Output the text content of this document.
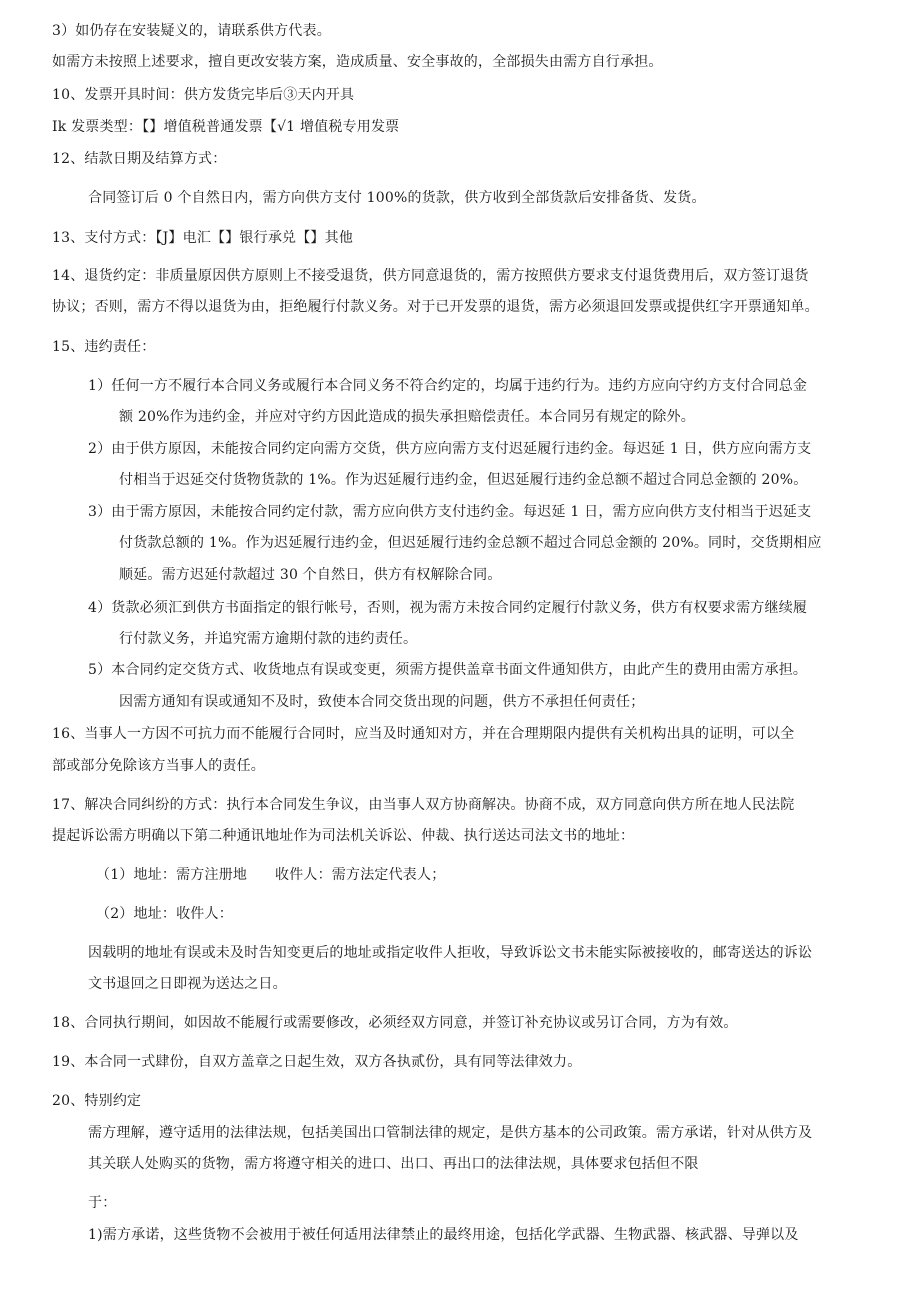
3）如仍存在安装疑义的，请联系供方代表。
如需方未按照上述要求，擅自更改安装方案，造成质量、安全事故的，全部损失由需方自行承担。
10、发票开具时间：供方发货完毕后③天内开具
Ik 发票类型：【】增值税普通发票【√1 增值税专用发票
12、结款日期及结算方式：
合同签订后 0 个自然日内，需方向供方支付 100%的货款，供方收到全部货款后安排备货、发货。
13、支付方式：【J】电汇【】银行承兑【】其他
14、退货约定：非质量原因供方原则上不接受退货，供方同意退货的，需方按照供方要求支付退货费用后，双方签订退货
协议；否则，需方不得以退货为由，拒绝履行付款义务。对于已开发票的退货，需方必须退回发票或提供红字开票通知单。
15、违约责任：
1）任何一方不履行本合同义务或履行本合同义务不符合约定的，均属于违约行为。违约方应向守约方支付合同总金
额 20%作为违约金，并应对守约方因此造成的损失承担赔偿责任。本合同另有规定的除外。
2）由于供方原因，未能按合同约定向需方交货，供方应向需方支付迟延履行违约金。每迟延 1 日，供方应向需方支
付相当于迟延交付货物货款的 1%。作为迟延履行违约金，但迟延履行违约金总额不超过合同总金额的 20%。
3）由于需方原因，未能按合同约定付款，需方应向供方支付违约金。每迟延 1 日，需方应向供方支付相当于迟延支
付货款总额的 1%。作为迟延履行违约金，但迟延履行违约金总额不超过合同总金额的 20%。同时，交货期相应
顺延。需方迟延付款超过 30 个自然日，供方有权解除合同。
4）货款必须汇到供方书面指定的银行帐号，否则，视为需方未按合同约定履行付款义务，供方有权要求需方继续履
行付款义务，并追究需方逾期付款的违约责任。
5）本合同约定交货方式、收货地点有误或变更，须需方提供盖章书面文件通知供方，由此产生的费用由需方承担。
因需方通知有误或通知不及时，致使本合同交货出现的问题，供方不承担任何责任；
16、当事人一方因不可抗力而不能履行合同时，应当及时通知对方，并在合理期限内提供有关机构出具的证明，可以全
部或部分免除该方当事人的责任。
17、解决合同纠纷的方式：执行本合同发生争议，由当事人双方协商解决。协商不成，双方同意向供方所在地人民法院
提起诉讼需方明确以下第二种通讯地址作为司法机关诉讼、仲裁、执行送达司法文书的地址：
（1）地址：需方注册地      收件人：需方法定代表人；
（2）地址：收件人：
因载明的地址有误或未及时告知变更后的地址或指定收件人拒收，导致诉讼文书未能实际被接收的，邮寄送达的诉讼
文书退回之日即视为送达之日。
18、合同执行期间，如因故不能履行或需要修改，必须经双方同意，并签订补充协议或另订合同，方为有效。
19、本合同一式肆份，自双方盖章之日起生效，双方各执贰份，具有同等法律效力。
20、特别约定
需方理解，遵守适用的法律法规，包括美国出口管制法律的规定，是供方基本的公司政策。需方承诺，针对从供方及
其关联人处购买的货物，需方将遵守相关的进口、出口、再出口的法律法规，具体要求包括但不限
于：
1)需方承诺，这些货物不会被用于被任何适用法律禁止的最终用途，包括化学武器、生物武器、核武器、导弹以及
